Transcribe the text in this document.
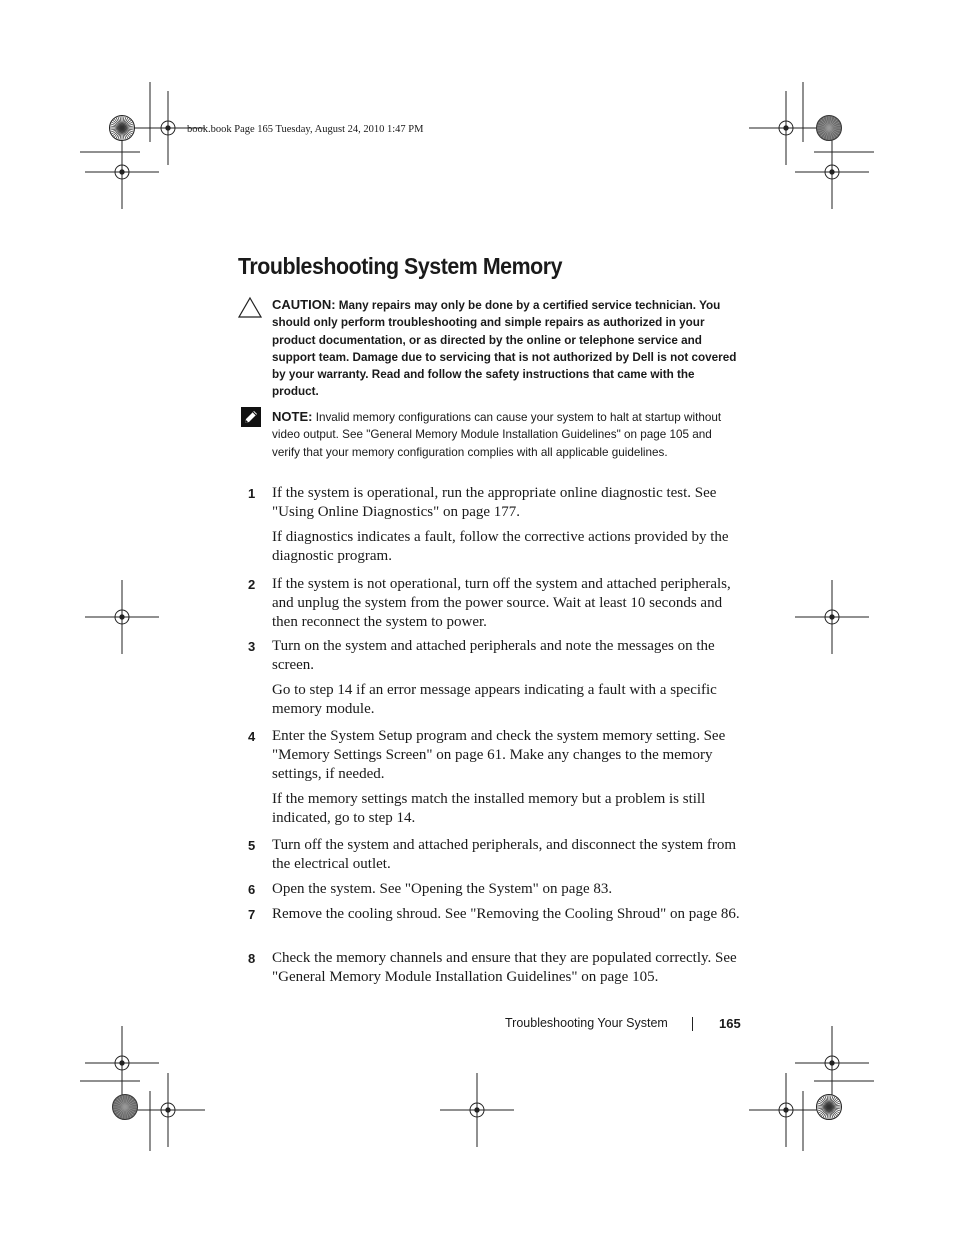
book.book Page 165 Tuesday, August 24, 2010 1:47 PM
Troubleshooting System Memory
CAUTION: Many repairs may only be done by a certified service technician. You should only perform troubleshooting and simple repairs as authorized in your product documentation, or as directed by the online or telephone service and support team. Damage due to servicing that is not authorized by Dell is not covered by your warranty. Read and follow the safety instructions that came with the product.
NOTE: Invalid memory configurations can cause your system to halt at startup without video output. See "General Memory Module Installation Guidelines" on page 105 and verify that your memory configuration complies with all applicable guidelines.
1 If the system is operational, run the appropriate online diagnostic test. See "Using Online Diagnostics" on page 177.
If diagnostics indicates a fault, follow the corrective actions provided by the diagnostic program.
2 If the system is not operational, turn off the system and attached peripherals, and unplug the system from the power source. Wait at least 10 seconds and then reconnect the system to power.
3 Turn on the system and attached peripherals and note the messages on the screen.
Go to step 14 if an error message appears indicating a fault with a specific memory module.
4 Enter the System Setup program and check the system memory setting. See "Memory Settings Screen" on page 61. Make any changes to the memory settings, if needed.
If the memory settings match the installed memory but a problem is still indicated, go to step 14.
5 Turn off the system and attached peripherals, and disconnect the system from the electrical outlet.
6 Open the system. See "Opening the System" on page 83.
7 Remove the cooling shroud. See "Removing the Cooling Shroud" on page 86.
8 Check the memory channels and ensure that they are populated correctly. See "General Memory Module Installation Guidelines" on page 105.
Troubleshooting Your System	165
